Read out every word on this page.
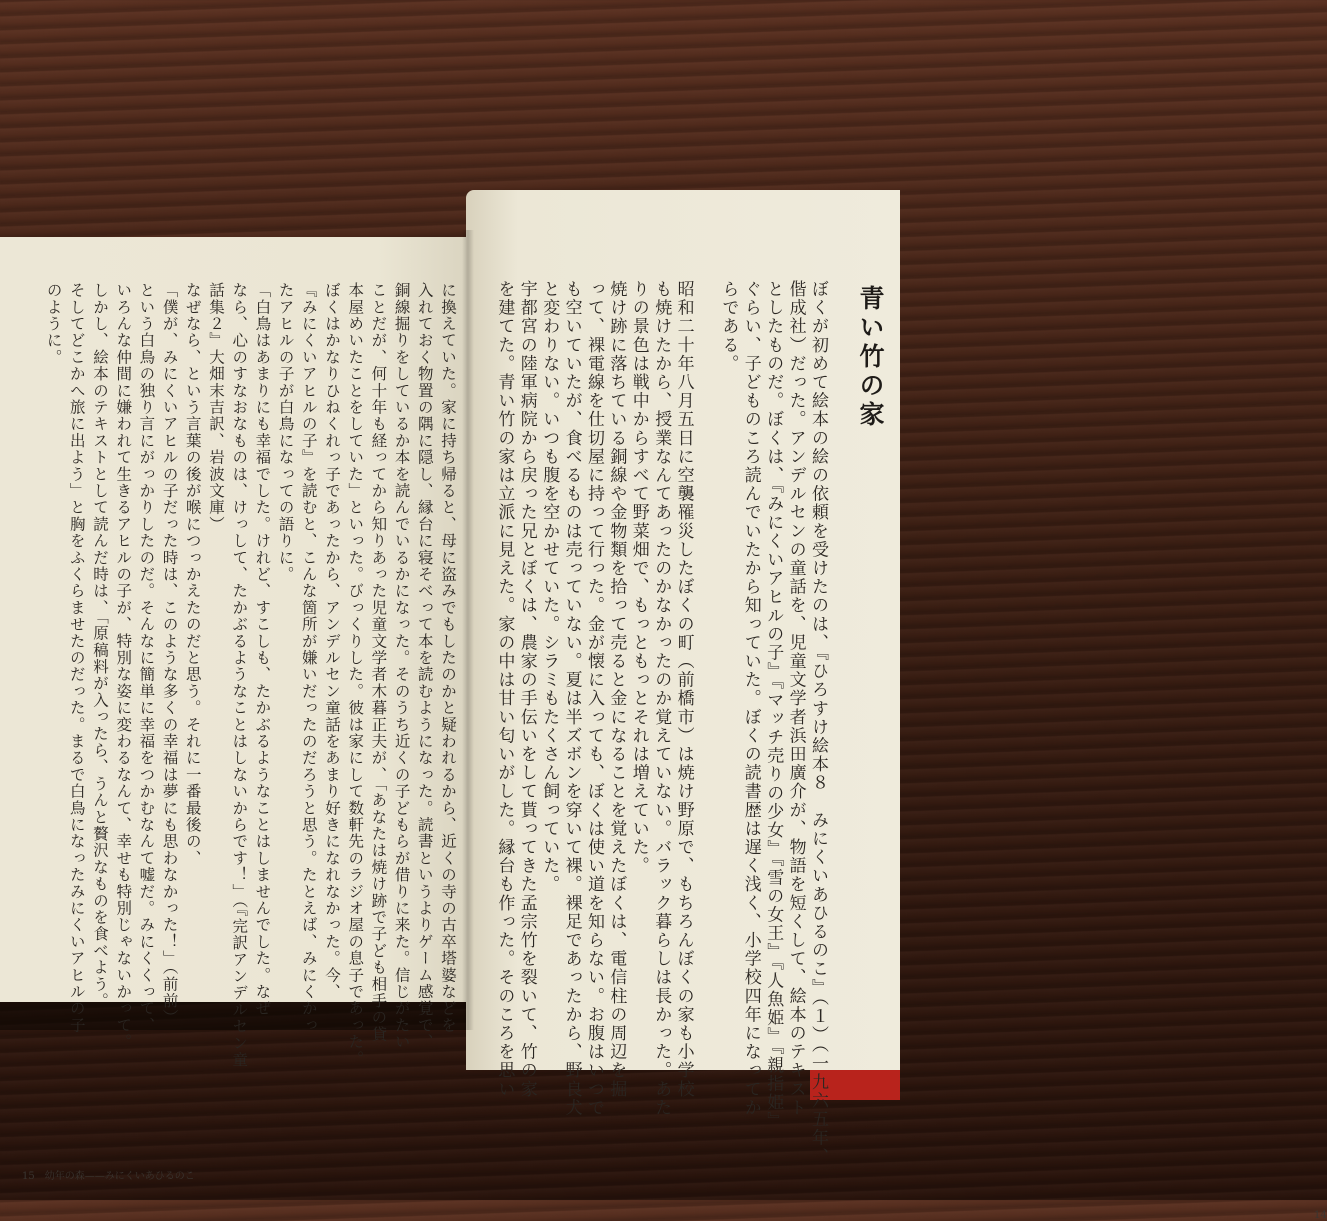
に換えていた。家に持ち帰ると、母に盗みでもしたのかと疑われるから、近くの寺の古卒塔婆などを
入れておく物置の隅に隠し、縁台に寝そべって本を読むようになった。読書というよりゲーム感覚で、
銅線掘りをしているか本を読んでいるかになった。そのうち近くの子どもらが借りに来た。信じがたい
ことだが、何十年も経ってから知りあった児童文学者木暮正夫が、「あなたは焼け跡で子ども相手の貸
本屋めいたことをしていた」といった。びっくりした。彼は家にして数軒先のラジオ屋の息子であった。
ぼくはかなりひねくれっ子であったから、アンデルセン童話をあまり好きになれなかった。今、
『みにくいアヒルの子』を読むと、こんな箇所が嫌いだったのだろうと思う。たとえば、みにくかっ
たアヒルの子が白鳥になっての語りに。
「白鳥はあまりにも幸福でした。けれど、すこしも、たかぶるようなことはしませんでした。なぜ
なら、心のすなおなものは、けっして、たかぶるようなことはしないからです！」（『完訳アンデルセン童
話集２』大畑末吉訳、岩波文庫）
なぜなら、という言葉の後が喉につっかえたのだと思う。それに一番最後の、
「僕が、みにくいアヒルの子だった時は、このような多くの幸福は夢にも思わなかった！」（前前）
という白鳥の独り言にがっかりしたのだ。そんなに簡単に幸福をつかむなんて嘘だ。みにくくって、
いろんな仲間に嫌われて生きるアヒルの子が、特別な姿に変わるなんて、幸せも特別じゃないかって。
しかし、絵本のテキストとして読んだ時は、「原稿料が入ったら、うんと贅沢なものを食べよう。
そしてどこかへ旅に出よう」と胸をふくらませたのだった。まるで白鳥になったみにくいアヒルの子
のように。
15　幼年の森——みにくいあひるのこ
ぼくが初めて絵本の絵の依頼を受けたのは、『ひろすけ絵本８　みにくいあひるのこ』（１）（一九六五年、
偕成社）だった。アンデルセンの童話を、児童文学者浜田廣介が、物語を短くして、絵本のテキスト
としたものだ。ぼくは、『みにくいアヒルの子』『マッチ売りの少女』『雪の女王』『人魚姫』『親指姫』
ぐらい、子どものころ読んでいたから知っていた。ぼくの読書歴は遅く浅く、小学校四年になってか
らである。
昭和二十年八月五日に空襲罹災したぼくの町（前橋市）は焼け野原で、もちろんぼくの家も小学校
も焼けたから、授業なんてあったのかなかったのか覚えていない。バラック暮らしは長かった。あた
りの景色は戦中からすべて野菜畑で、もっともっとそれは増えていた。
焼け跡に落ちている銅線や金物類を拾って売ると金になることを覚えたぼくは、電信柱の周辺を掘
って、裸電線を仕切屋に持って行った。金が懐に入っても、ぼくは使い道を知らない。お腹はいつで
も空いていたが、食べるものは売っていない。夏は半ズボンを穿いて裸。裸足であったから、野良犬
と変わりない。いつも腹を空かせていた。シラミもたくさん飼っていた。
宇都宮の陸軍病院から戻った兄とぼくは、農家の手伝いをして貰ってきた孟宗竹を裂いて、竹の家
を建てた。青い竹の家は立派に見えた。家の中は甘い匂いがした。縁台も作った。そのころを思い
14
青い竹の家
